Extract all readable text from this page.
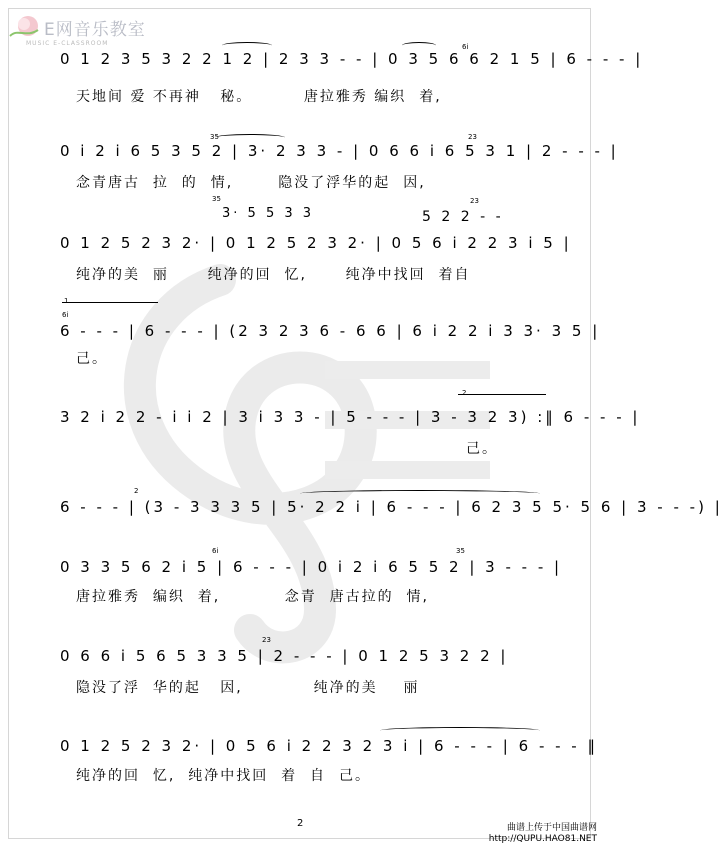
E网音乐教室
MUSIC E-CLASSROOM	6i
0 1 2 3 5 3 2 2 1 2 | 2 3 3 - - | 0 3 5 6 6 2 1 5 | 6 - - - |
天地间 爱 不再神   秘。        唐拉雅秀 编织  着,
35	23
0 i 2 i 6 5 3 5 2 | 3· 2 3 3 - | 0 6 6 i 6 5 3 1 | 2 - - - |
念青唐古  拉  的  情,       隐没了浮华的起  因,
35
3· 5 5 3 3	5 2 2 - -
23
0 1 2 5 2 3 2· | 0 1 2 5 2 3 2· | 0 5 6 i 2 2 3 i 5 |
纯净的美  丽      纯净的回  忆,      纯净中找回  着自
1.
6i
6 - - - | 6 - - - | (2 3 2 3 6 - 6 6 | 6 i 2 2 i 3 3· 3 5 |
己。
2.
3 2 i 2 2 - i i 2 | 3 i 3 3 - | 5 - - - | 3 - 3 2 3) :‖ 6 - - - |
己。
2
6 - - - | (3 - 3 3 3 5 | 5· 2 2 i | 6 - - - | 6 2 3 5 5· 5 6 | 3 - - -) |
6i	35
0 3 3 5 6 2 i 5 | 6 - - - | 0 i 2 i 6 5 5 2 | 3 - - - |
唐拉雅秀  编织  着,          念青  唐古拉的  情,
23
0 6 6 i 5 6 5 3 3 5 | 2 - - - | 0 1 2 5 3 2 2 |
隐没了浮  华的起   因,           纯净的美    丽
0 1 2 5 2 3 2· | 0 5 6 i 2 2 3 2 3 i | 6 - - - | 6 - - - ‖
纯净的回  忆,  纯净中找回  着  自  己。
2	曲谱上传于中国曲谱网
http://QUPU.HAO81.NET
